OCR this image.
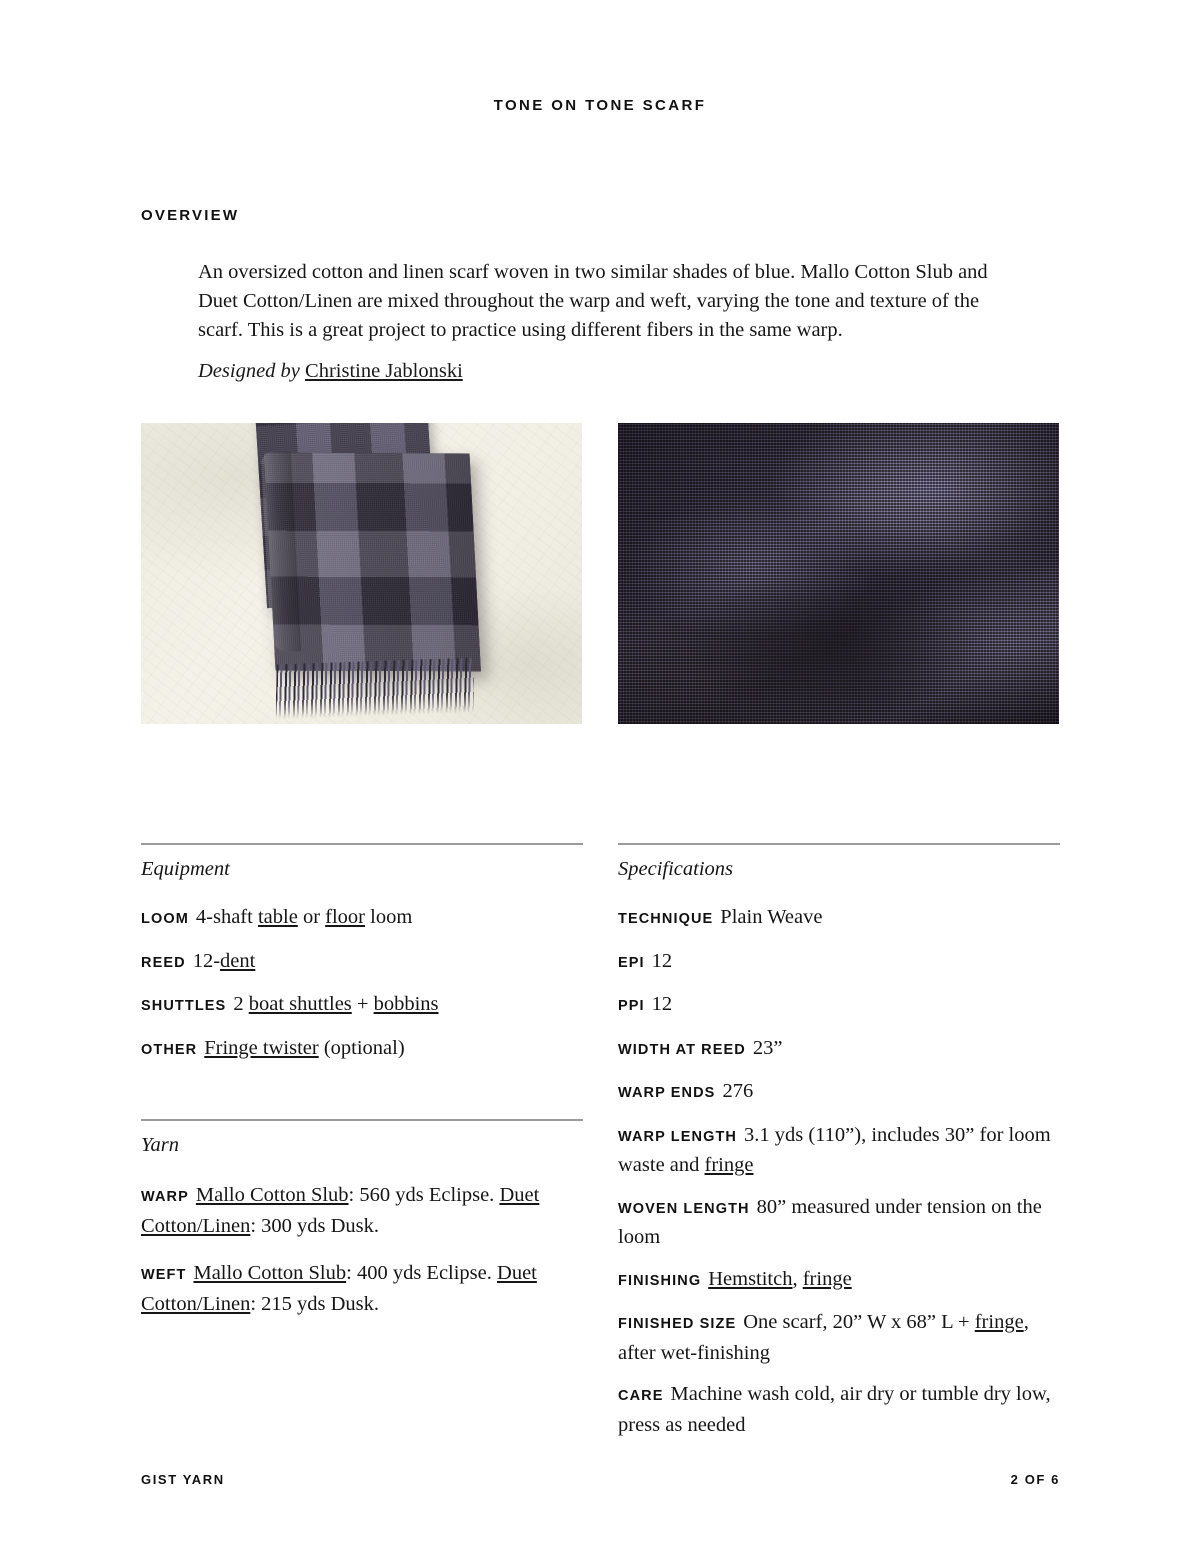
TONE ON TONE SCARF
OVERVIEW
An oversized cotton and linen scarf woven in two similar shades of blue. Mallo Cotton Slub and Duet Cotton/Linen are mixed throughout the warp and weft, varying the tone and texture of the scarf. This is a great project to practice using different fibers in the same warp.
Designed by Christine Jablonski
Equipment
LOOM 4-shaft table or floor loom
REED 12-dent
SHUTTLES 2 boat shuttles + bobbins
OTHER Fringe twister (optional)
Yarn
WARP Mallo Cotton Slub: 560 yds Eclipse. Duet Cotton/Linen: 300 yds Dusk.
WEFT Mallo Cotton Slub: 400 yds Eclipse. Duet Cotton/Linen: 215 yds Dusk.
Specifications
TECHNIQUE Plain Weave
EPI 12
PPI 12
WIDTH AT REED 23”
WARP ENDS 276
WARP LENGTH 3.1 yds (110”), includes 30” for loom waste and fringe
WOVEN LENGTH 80” measured under tension on the loom
FINISHING Hemstitch, fringe
FINISHED SIZE One scarf, 20” W x 68” L + fringe, after wet-finishing
CARE Machine wash cold, air dry or tumble dry low, press as needed
GIST YARN	2 OF 6
